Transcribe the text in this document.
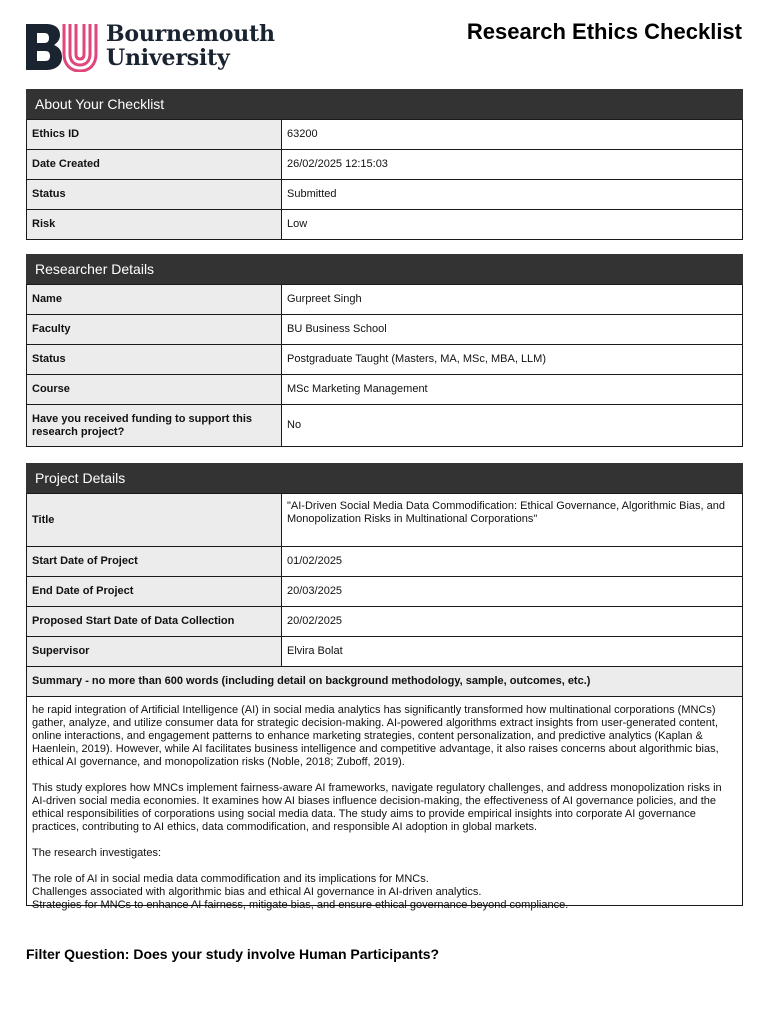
Bournemouth
University
Research Ethics Checklist
About Your Checklist
Ethics ID	63200
Date Created	26/02/2025 12:15:03
Status	Submitted
Risk	Low
Researcher Details
Name	Gurpreet Singh
Faculty	BU Business School
Status	Postgraduate Taught (Masters, MA, MSc, MBA, LLM)
Course	MSc Marketing Management
Have you received funding to support this research project?	No
Project Details
Title	"AI-Driven Social Media Data Commodification: Ethical Governance, Algorithmic Bias, and Monopolization Risks in Multinational Corporations"
Start Date of Project	01/02/2025
End Date of Project	20/03/2025
Proposed Start Date of Data Collection	20/02/2025
Supervisor	Elvira Bolat
Summary - no more than 600 words (including detail on background methodology, sample, outcomes, etc.)	

he rapid integration of Artificial Intelligence (AI) in social media analytics has significantly transformed how multinational corporations (MNCs) gather, analyze, and utilize consumer data for strategic decision-making. AI-powered algorithms extract insights from user-generated content, online interactions, and engagement patterns to enhance marketing strategies, content personalization, and predictive analytics (Kaplan & Haenlein, 2019). However, while AI facilitates business intelligence and competitive advantage, it also raises concerns about algorithmic bias, ethical AI governance, and monopolization risks (Noble, 2018; Zuboff, 2019).

This study explores how MNCs implement fairness-aware AI frameworks, navigate regulatory challenges, and address monopolization risks in AI-driven social media economies. It examines how AI biases influence decision-making, the effectiveness of AI governance policies, and the ethical responsibilities of corporations using social media data. The study aims to provide empirical insights into corporate AI governance practices, contributing to AI ethics, data commodification, and responsible AI adoption in global markets.

The research investigates:

The role of AI in social media data commodification and its implications for MNCs.

Challenges associated with algorithmic bias and ethical AI governance in AI-driven analytics.

Strategies for MNCs to enhance AI fairness, mitigate bias, and ensure ethical governance beyond compliance.

Filter Question: Does your study involve Human Participants?
